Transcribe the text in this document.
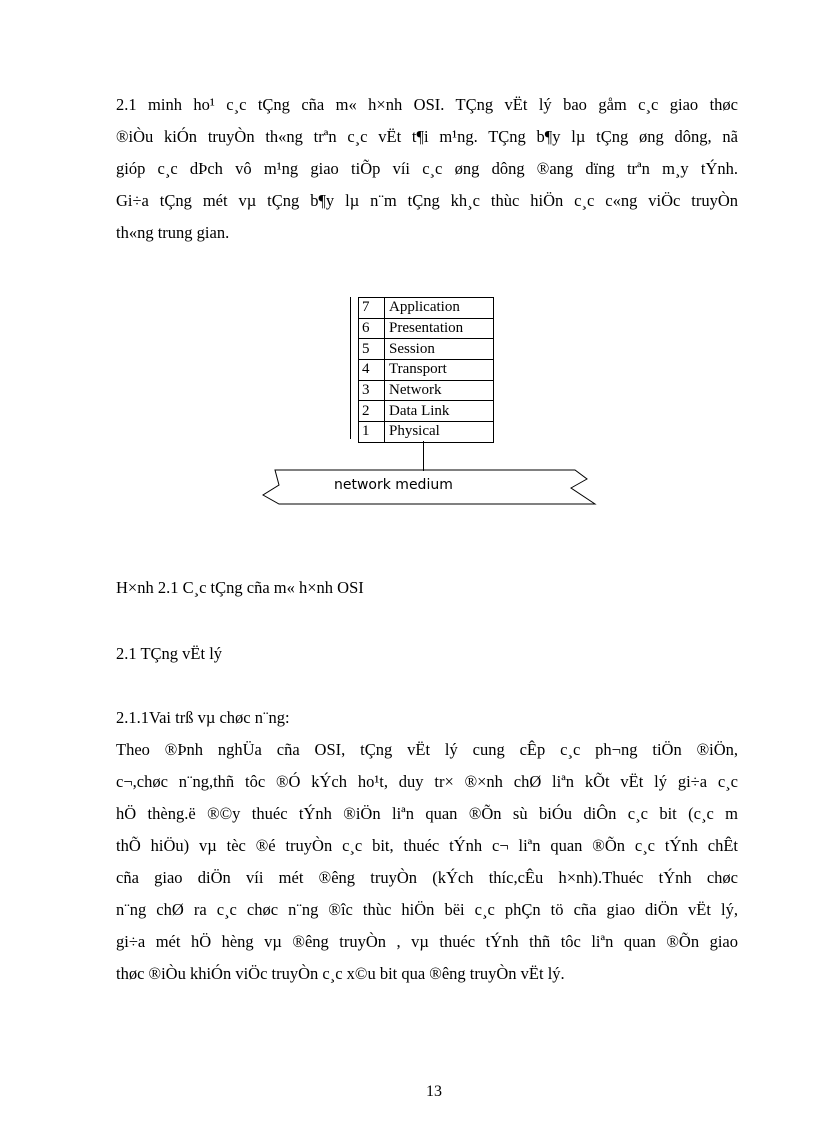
2.1 minh ho¹ c¸c tÇng cña m« h×nh OSI. TÇng vËt lý bao gåm c¸c giao thøc
®iÒu kiÓn truyÒn th«ng trªn c¸c vËt t¶i m¹ng. TÇng b¶y lµ tÇng øng dông, nã
gióp c¸c dÞch vô m¹ng giao tiÕp víi c¸c øng dông ®ang dïng trªn m¸y tÝnh.
Gi÷a tÇng mét vµ tÇng b¶y lµ n¨m tÇng kh¸c thùc hiÖn c¸c c«ng viÖc truyÒn
th«ng trung gian.
7	Application
6	Presentation
5	Session
4	Transport
3	Network
2	Data Link
1	Physical
network medium

H×nh 2.1 C¸c tÇng cña m« h×nh OSI

2.1 TÇng vËt lý

2.1.1Vai trß vµ chøc n¨ng:

Theo ®Þnh nghÜa cña OSI, tÇng vËt lý cung cÊp c¸c ph¬ng tiÖn ®iÖn,
c¬,chøc n¨ng,thñ tôc ®Ó kÝch ho¹t, duy tr× ®×nh chØ liªn kÕt vËt lý gi÷a c¸c
hÖ thèng.ë ®©y thuéc tÝnh ®iÖn liªn quan ®Õn sù biÓu diÔn c¸c bit (c¸c m
thÕ hiÖu) vµ tèc ®é truyÒn c¸c bit, thuéc tÝnh c¬ liªn quan ®Õn c¸c tÝnh chÊt
cña giao diÖn víi mét ®êng truyÒn (kÝch thíc,cÊu h×nh).Thuéc tÝnh chøc
n¨ng chØ ra c¸c chøc n¨ng ®îc thùc hiÖn bëi c¸c phÇn tö cña giao diÖn vËt lý,
gi÷a mét hÖ hèng vµ ®êng truyÒn , vµ thuéc tÝnh thñ tôc liªn quan ®Õn giao
thøc ®iÒu khiÓn viÖc truyÒn c¸c x©u bit qua ®êng truyÒn vËt lý.
13
